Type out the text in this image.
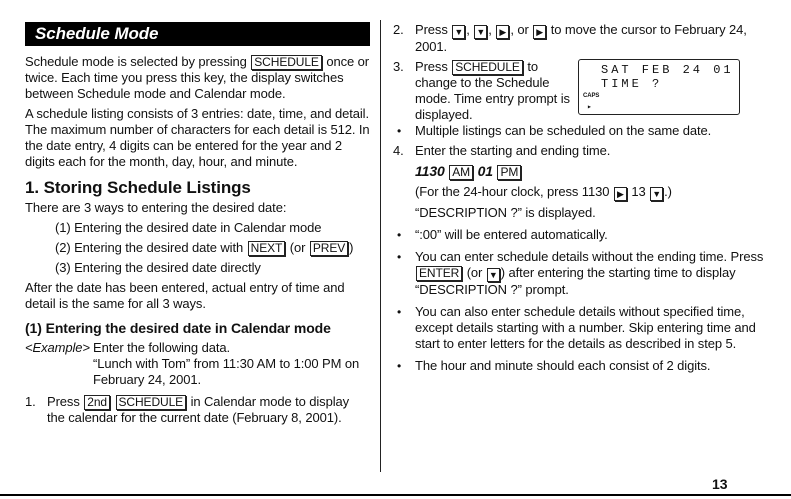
Schedule Mode

Schedule mode is selected by pressing SCHEDULE once or twice. Each time you press this key, the display switches between Schedule mode and Calendar mode.

A schedule listing consists of 3 entries: date, time, and detail. The maximum number of characters for each detail is 512. In the date entry, 4 digits can be entered for the year and 2 digits each for the month, day, hour, and minute.

1. Storing Schedule Listings

There are 3 ways to entering the desired date:

(1) Entering the desired date in Calendar mode

(2) Entering the desired date with NEXT (or PREV )

(3) Entering the desired date directly

After the date has been entered, actual entry of time and detail is the same for all 3 ways.

(1) Entering the desired date in Calendar mode
<Example> Enter the following data.

“Lunch with Tom” from 11:30 AM to 1:00 PM on February 24, 2001.

1. Press 2nd SCHEDULE in Calendar mode to display the calendar for the current date (February 8, 2001).

2. Press ▼ , ▼ , ▶ , or ▶ to move the cursor to February 24, 2001.

3. Press SCHEDULE to change to the Schedule mode. Time entry prompt is displayed.

SAT FEB 24 01
TIME ?
CAPS
▸

• Multiple listings can be scheduled on the same date.

4. Enter the starting and ending time.

1130 AM 01 PM

(For the 24-hour clock, press 1130 ▶ 13 ▼ .)

“DESCRIPTION ?” is displayed.

• “:00” will be entered automatically.

• You can enter schedule details without the ending time. Press ENTER (or ▼ ) after entering the starting time to display “DESCRIPTION ?” prompt.

• You can also enter schedule details without specified time, except details starting with a number. Skip entering time and start to enter letters for the details as described in step 5.

• The hour and minute should each consist of 2 digits.

13
